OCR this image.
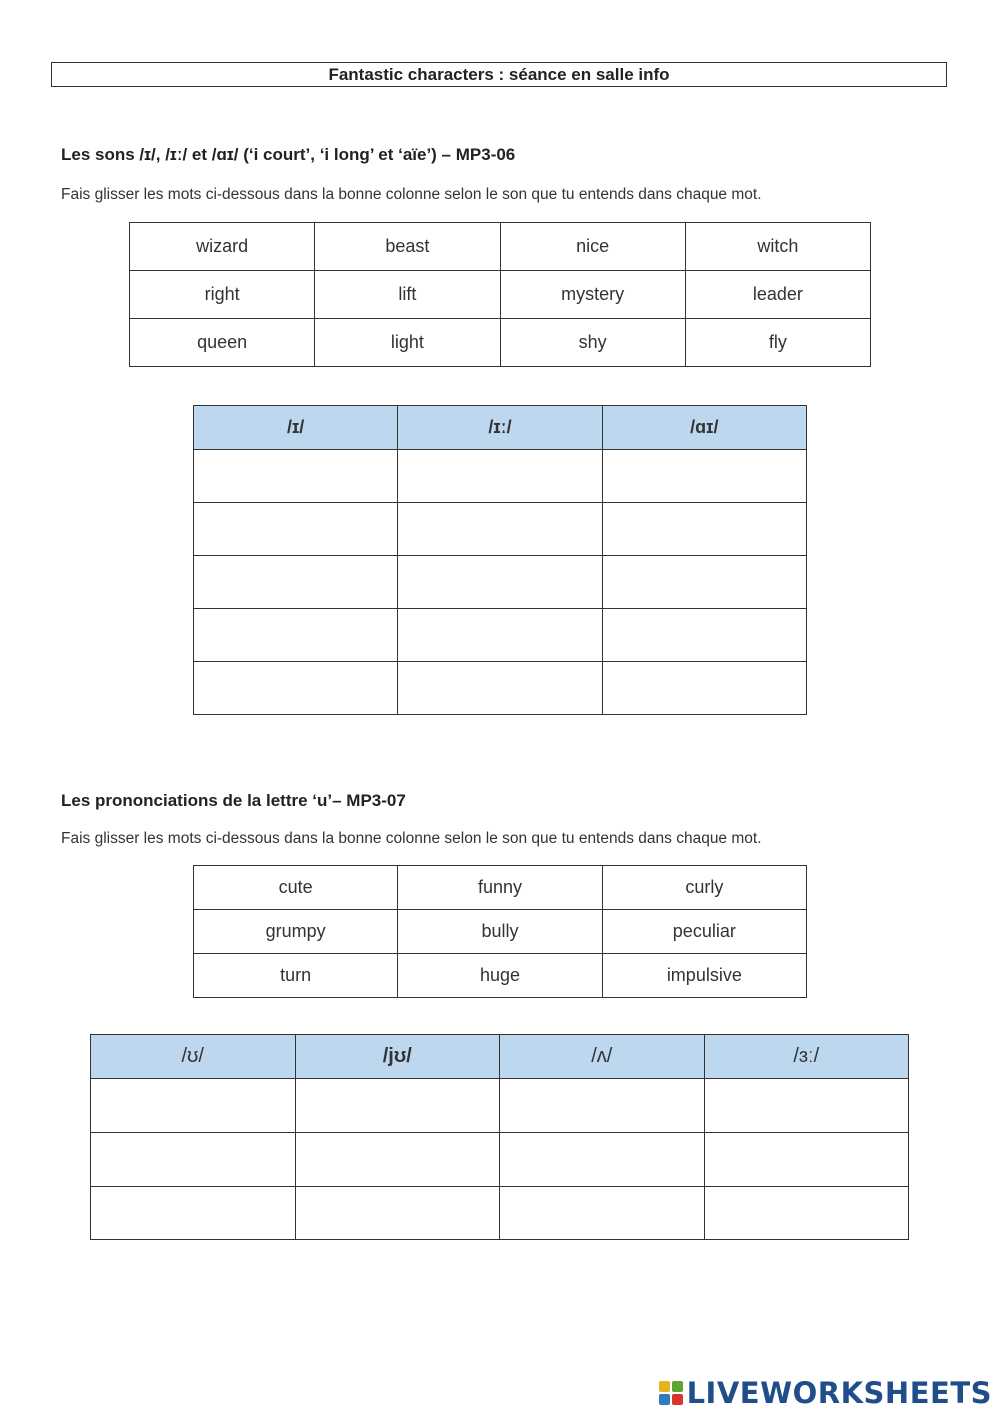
Fantastic characters : séance en salle info
Les sons /ɪ/, /ɪː/ et /ɑɪ/ (‘i court’, ‘i long’ et ‘aïe’) – MP3-06
Fais glisser les mots ci-dessous dans la bonne colonne selon le son que tu entends dans chaque mot.
wizard	beast	nice	witch
right	lift	mystery	leader
queen	light	shy	fly
/ɪ/	/ɪː/	/ɑɪ/

Les prononciations de la lettre ‘u’– MP3-07
Fais glisser les mots ci-dessous dans la bonne colonne selon le son que tu entends dans chaque mot.
cute	funny	curly
grumpy	bully	peculiar
turn	huge	impulsive
/ʊ/	/jʊ/	/ʌ/	/ɜː/

LIVEWORKSHEETS
